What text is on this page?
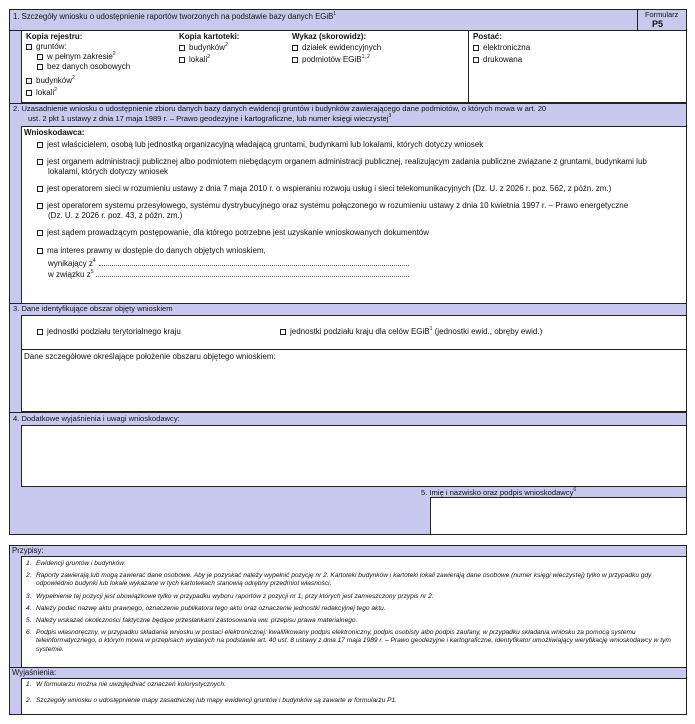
1. Szczegóły wniosku o udostępnienie raportów tworzonych na podstawie bazy danych EGiB$^1$	Formularz
P5
Kopia rejestru:
gruntów:
w pełnym zakresie$^2$
bez danych osobowych
budynków$^2$
lokali$^2$
Kopia kartoteki:
budynków$^2$
lokali$^2$
Wykaz (skorowidz):
działek ewidencyjnych
podmiotów EGiB$^{1, 2}$
Postać:
elektroniczna
drukowana
2. Uzasadnienie wniosku o udostępnienie zbioru danych bazy danych ewidencji gruntów i budynków zawierającego dane podmiotów, o których mowa w art. 20
ust. 2 pkt 1 ustawy z dnia 17 maja 1989 r. – Prawo geodezyjne i kartograficzne, lub numer księgi wieczystej$^3$
Wnioskodawca:
jest właścicielem, osobą lub jednostką organizacyjną władającą gruntami, budynkami lub lokalami, których dotyczy wniosek
jest organem administracji publicznej albo podmiotem niebędącym organem administracji publicznej, realizującym zadania publiczne związane z gruntami, budynkami lub
lokalami, których dotyczy wniosek
jest operatorem sieci w rozumieniu ustawy z dnia 7 maja 2010 r. o wspieraniu rozwoju usług i sieci telekomunikacyjnych (Dz. U. z 2026 r. poz. 562, z późn. zm.)
jest operatorem systemu przesyłowego, systemu dystrybucyjnego oraz systemu połączonego w rozumieniu ustawy z dnia 10 kwietnia 1997 r. – Prawo energetyczne
(Dz. U. z 2026 r. poz. 43, z późn. zm.)
jest sądem prowadzącym postępowanie, dla którego potrzebne jest uzyskanie wnioskowanych dokumentów
ma interes prawny w dostępie do danych objętych wnioskiem,
wynikający $z^4$
w związku $z^5$
3. Dane identyfikujące obszar objęty wnioskiem
jednostki podziału terytorialnego kraju	jednostki podziału kraju dla celów EGiB$^1$ (jednostki ewid., obręby ewid.)
Dane szczegółowe określające położenie obszaru objętego wnioskiem:
4. Dodatkowe wyjaśnienia i uwagi wnioskodawcy:
5. Imię i nazwisko oraz podpis wnioskodawcy$^6$
Przypisy:
1. Ewidencji gruntów i budynków.
2. Raporty zawierają lub mogą zawierać dane osobowe. Aby je pozyskać należy wypełnić pozycję nr 2. Kartoteki budynków i kartoteki lokali zawierają dane osobowe (numer księgi wieczystej) tylko w przypadku gdy odpowiednio budynki lub lokale wykazane w tych kartotekach stanowią odrębny przedmiot własności.
3. Wypełnienie tej pozycji jest obowiązkowe tylko w przypadku wyboru raportów z pozycji nr 1, przy których jest zamieszczony przypis nr 2.
4. Należy podać nazwę aktu prawnego, oznaczenie publikatora tego aktu oraz oznaczenie jednostki redakcyjnej tego aktu.
5. Należy wskazać okoliczności faktyczne będące przesłankami zastosowania ww. przepisu prawa materialnego.
6. Podpis własnoręczny, w przypadku składania wniosku w postaci elektronicznej: kwalifikowany podpis elektroniczny, podpis osobisty albo podpis zaufany, w przypadku składania wniosku za pomocą systemu teleinformatycznego, o którym mowa w przepisach wydanych na podstawie art. 40 ust. 8 ustawy z dnia 17 maja 1989 r. – Prawo geodezyjne i kartograficzne, identyfikator umożliwiający weryfikację wnioskodawcy w tym systemie.
Wyjaśnienia:
1. W formularzu można nie uwzględniać oznaczeń kolorystycznych.
2. Szczegóły wniosku o udostępnienie mapy zasadniczej lub mapy ewidencji gruntów i budynków są zawarte w formularzu P1.
